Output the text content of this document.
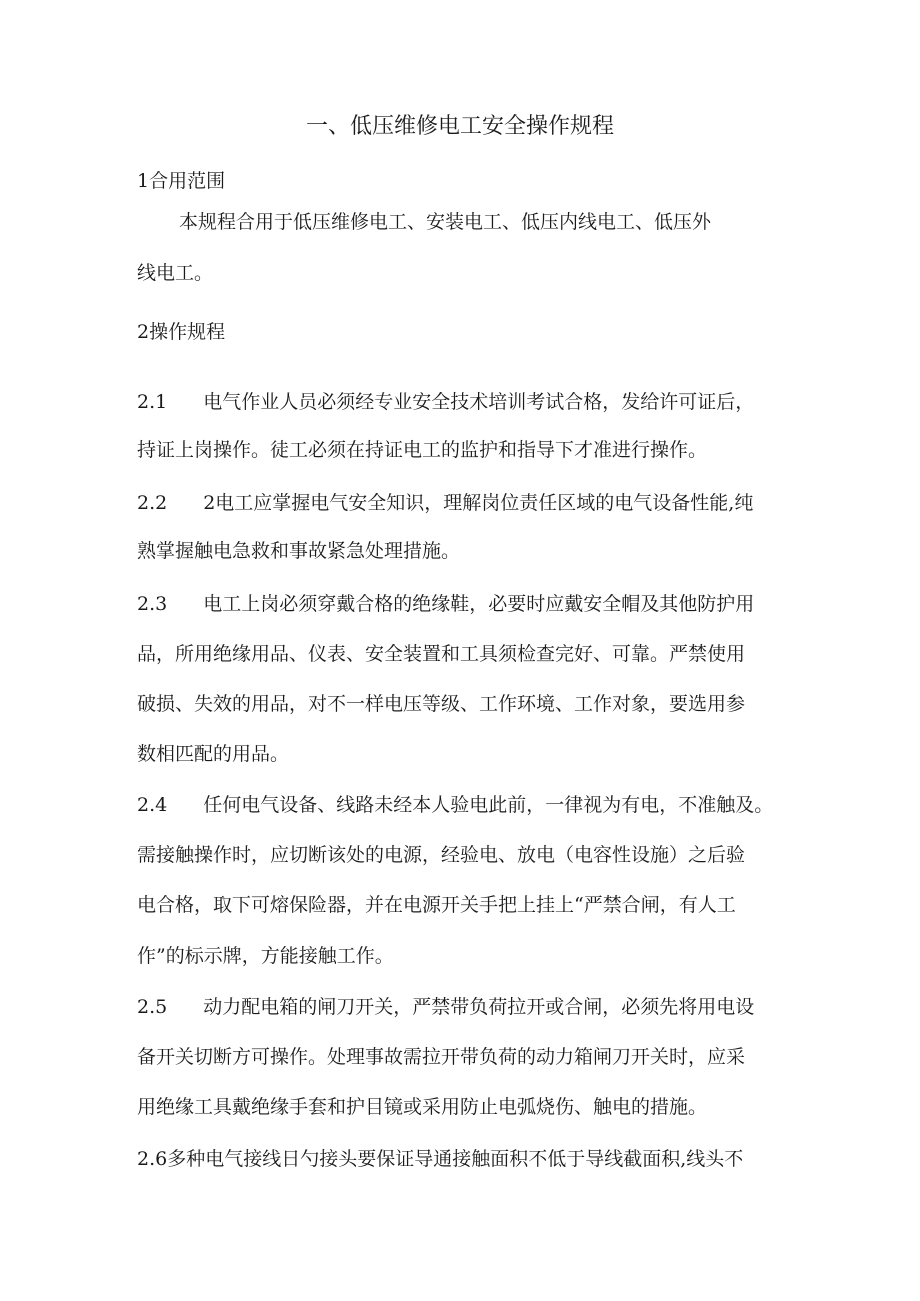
一、低压维修电工安全操作规程
1合用范围
本规程合用于低压维修电工、安装电工、低压内线电工、低压外
线电工。
2操作规程
2.1 电气作业人员必须经专业安全技术培训考试合格，发给许可证后，
持证上岗操作。徒工必须在持证电工的监护和指导下才准进行操作。
2.2 2电工应掌握电气安全知识，理解岗位责任区域的电气设备性能,纯
熟掌握触电急救和事故紧急处理措施。
2.3 电工上岗必须穿戴合格的绝缘鞋，必要时应戴安全帽及其他防护用
品，所用绝缘用品、仪表、安全装置和工具须检查完好、可靠。严禁使用
破损、失效的用品，对不一样电压等级、工作环境、工作对象，要选用参
数相匹配的用品。
2.4 任何电气设备、线路未经本人验电此前，一律视为有电，不准触及。
需接触操作时，应切断该处的电源，经验电、放电（电容性设施）之后验
电合格，取下可熔保险器，并在电源开关手把上挂上“严禁合闸，有人工
作”的标示牌，方能接触工作。
2.5 动力配电箱的闸刀开关，严禁带负荷拉开或合闸，必须先将用电设
备开关切断方可操作。处理事故需拉开带负荷的动力箱闸刀开关时，应采
用绝缘工具戴绝缘手套和护目镜或采用防止电弧烧伤、触电的措施。
2.6多种电气接线日勺接头要保证导通接触面积不低于导线截面积,线头不
